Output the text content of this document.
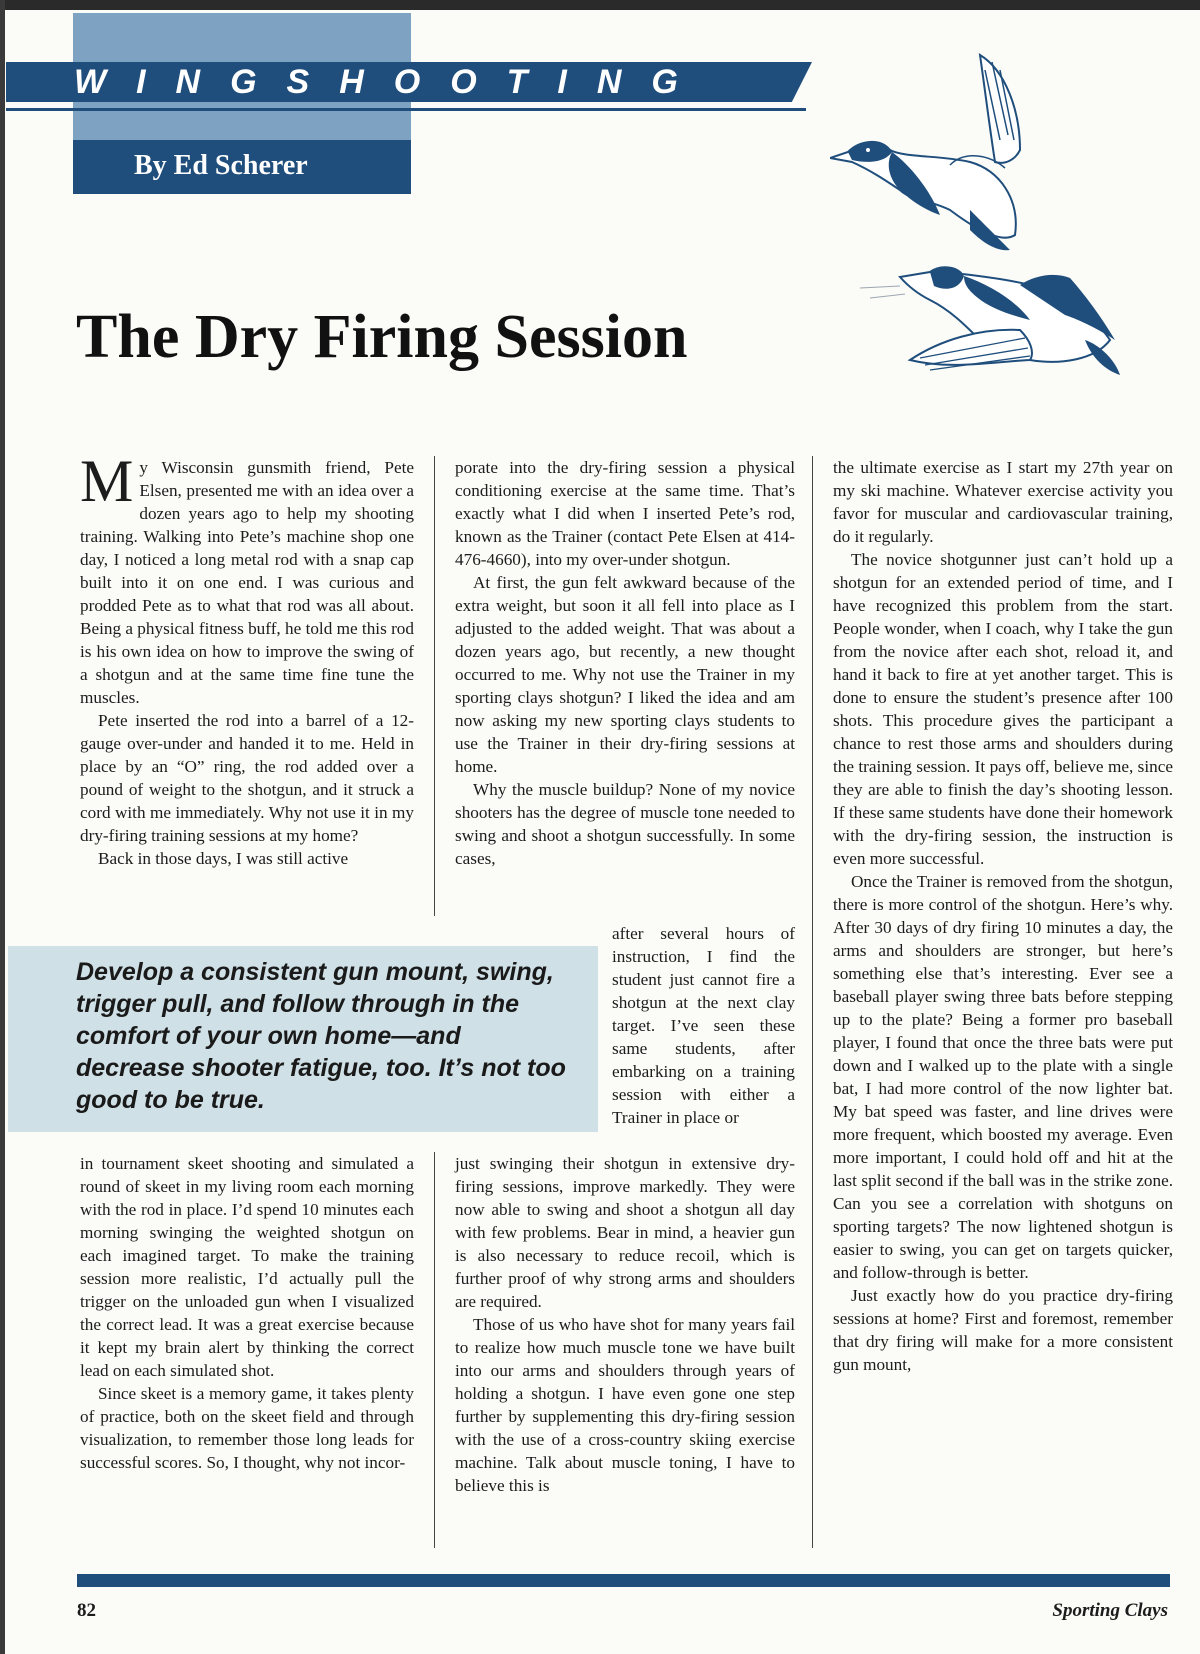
WINGSHOOTING
By Ed Scherer
The Dry Firing Session

My Wisconsin gunsmith friend, Pete Elsen, presented me with an idea over a dozen years ago to help my shooting training. Walking into Pete’s machine shop one day, I noticed a long metal rod with a snap cap built into it on one end. I was curious and prodded Pete as to what that rod was all about. Being a physical fitness buff, he told me this rod is his own idea on how to improve the swing of a shotgun and at the same time fine tune the muscles.

Pete inserted the rod into a barrel of a 12-gauge over-under and handed it to me. Held in place by an “O” ring, the rod added over a pound of weight to the shotgun, and it struck a cord with me immediately. Why not use it in my dry-firing training sessions at my home?

Back in those days, I was still active

Develop a consistent gun mount, swing, trigger pull, and follow through in the comfort of your own home—and decrease shooter fatigue, too. It’s not too good to be true.

in tournament skeet shooting and simulated a round of skeet in my living room each morning with the rod in place. I’d spend 10 minutes each morning swinging the weighted shotgun on each imagined target. To make the training session more realistic, I’d actually pull the trigger on the unloaded gun when I visualized the correct lead. It was a great exercise because it kept my brain alert by thinking the correct lead on each simulated shot.

Since skeet is a memory game, it takes plenty of practice, both on the skeet field and through visualization, to remember those long leads for successful scores. So, I thought, why not incor-

porate into the dry-firing session a physical conditioning exercise at the same time. That’s exactly what I did when I inserted Pete’s rod, known as the Trainer (contact Pete Elsen at 414-476-4660), into my over-under shotgun.

At first, the gun felt awkward because of the extra weight, but soon it all fell into place as I adjusted to the added weight. That was about a dozen years ago, but recently, a new thought occurred to me. Why not use the Trainer in my sporting clays shotgun? I liked the idea and am now asking my new sporting clays students to use the Trainer in their dry-firing sessions at home.

Why the muscle buildup? None of my novice shooters has the degree of muscle tone needed to swing and shoot a shotgun successfully. In some cases,

after several hours of instruction, I find the student just cannot fire a shotgun at the next clay target. I’ve seen these same students, after embarking on a training session with either a Trainer in place or

just swinging their shotgun in extensive dry-firing sessions, improve markedly. They were now able to swing and shoot a shotgun all day with few problems. Bear in mind, a heavier gun is also necessary to reduce recoil, which is further proof of why strong arms and shoulders are required.

Those of us who have shot for many years fail to realize how much muscle tone we have built into our arms and shoulders through years of holding a shotgun. I have even gone one step further by supplementing this dry-firing session with the use of a cross-country skiing exercise machine. Talk about muscle toning, I have to believe this is

the ultimate exercise as I start my 27th year on my ski machine. Whatever exercise activity you favor for muscular and cardiovascular training, do it regularly.

The novice shotgunner just can’t hold up a shotgun for an extended period of time, and I have recognized this problem from the start. People wonder, when I coach, why I take the gun from the novice after each shot, reload it, and hand it back to fire at yet another target. This is done to ensure the student’s presence after 100 shots. This procedure gives the participant a chance to rest those arms and shoulders during the training session. It pays off, believe me, since they are able to finish the day’s shooting lesson. If these same students have done their homework with the dry-firing session, the instruction is even more successful.

Once the Trainer is removed from the shotgun, there is more control of the shotgun. Here’s why. After 30 days of dry firing 10 minutes a day, the arms and shoulders are stronger, but here’s something else that’s interesting. Ever see a baseball player swing three bats before stepping up to the plate? Being a former pro baseball player, I found that once the three bats were put down and I walked up to the plate with a single bat, I had more control of the now lighter bat. My bat speed was faster, and line drives were more frequent, which boosted my average. Even more important, I could hold off and hit at the last split second if the ball was in the strike zone. Can you see a correlation with shotguns on sporting targets? The now lightened shotgun is easier to swing, you can get on targets quicker, and follow-through is better.

Just exactly how do you practice dry-firing sessions at home? First and foremost, remember that dry firing will make for a more consistent gun mount,

82	Sporting Clays
